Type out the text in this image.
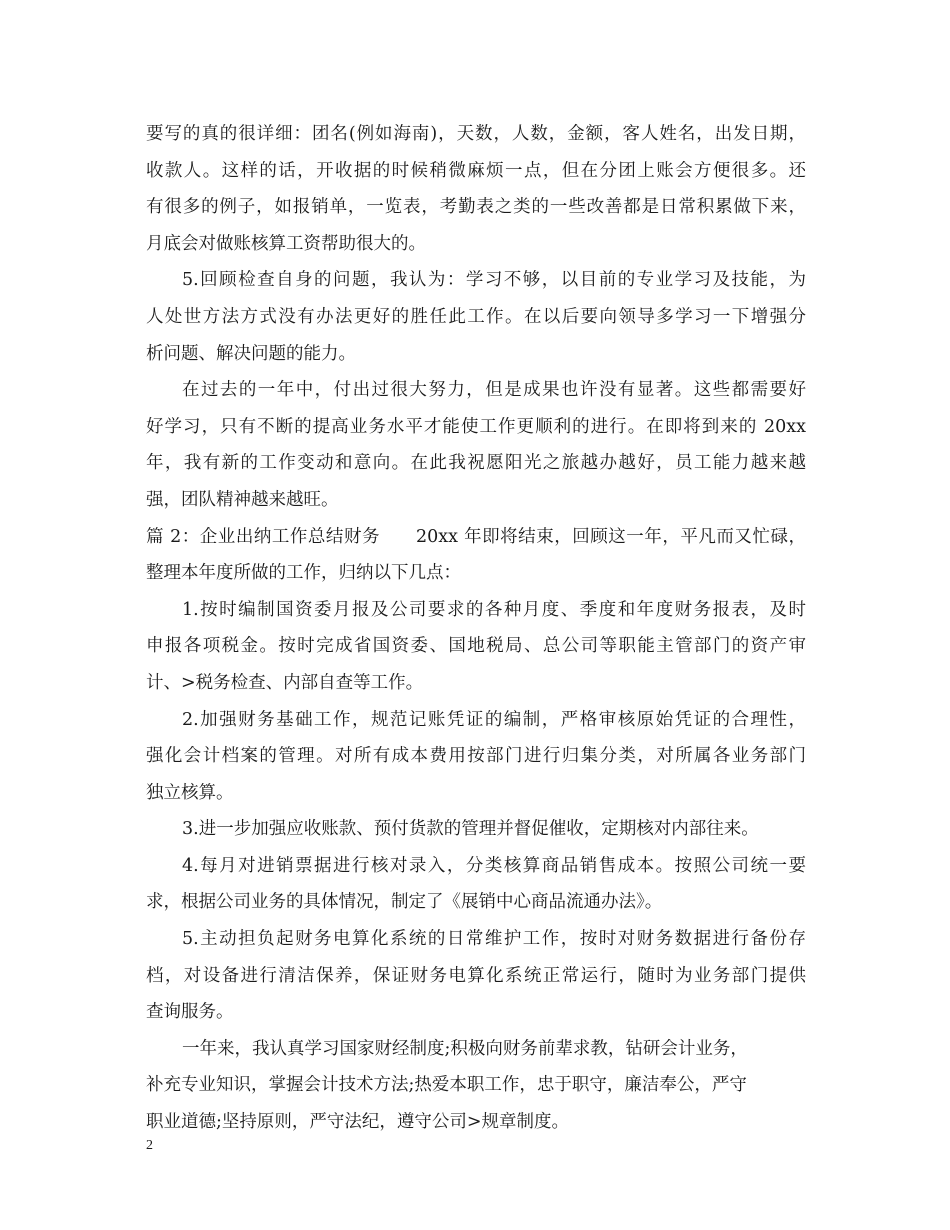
要写的真的很详细：团名(例如海南)，天数，人数，金额，客人姓名，出发日期，
收款人。这样的话，开收据的时候稍微麻烦一点，但在分团上账会方便很多。还
有很多的例子，如报销单，一览表，考勤表之类的一些改善都是日常积累做下来，
月底会对做账核算工资帮助很大的。
5.回顾检查自身的问题，我认为：学习不够，以目前的专业学习及技能，为
人处世方法方式没有办法更好的胜任此工作。在以后要向领导多学习一下增强分
析问题、解决问题的能力。
在过去的一年中，付出过很大努力，但是成果也许没有显著。这些都需要好
好学习，只有不断的提高业务水平才能使工作更顺利的进行。在即将到来的 20xx
年，我有新的工作变动和意向。在此我祝愿阳光之旅越办越好，员工能力越来越
强，团队精神越来越旺。
篇 2：企业出纳工作总结财务　　20xx 年即将结束，回顾这一年，平凡而又忙碌，
整理本年度所做的工作，归纳以下几点：
1.按时编制国资委月报及公司要求的各种月度、季度和年度财务报表，及时
申报各项税金。按时完成省国资委、国地税局、总公司等职能主管部门的资产审
计、>税务检查、内部自查等工作。
2.加强财务基础工作，规范记账凭证的编制，严格审核原始凭证的合理性，
强化会计档案的管理。对所有成本费用按部门进行归集分类，对所属各业务部门
独立核算。
3.进一步加强应收账款、预付货款的管理并督促催收，定期核对内部往来。
4.每月对进销票据进行核对录入，分类核算商品销售成本。按照公司统一要
求，根据公司业务的具体情况，制定了《展销中心商品流通办法》。
5.主动担负起财务电算化系统的日常维护工作，按时对财务数据进行备份存
档，对设备进行清洁保养，保证财务电算化系统正常运行，随时为业务部门提供
查询服务。
一年来，我认真学习国家财经制度;积极向财务前辈求教，钻研会计业务，
补充专业知识，掌握会计技术方法;热爱本职工作，忠于职守，廉洁奉公，严守
职业道德;坚持原则，严守法纪，遵守公司>规章制度。
2
